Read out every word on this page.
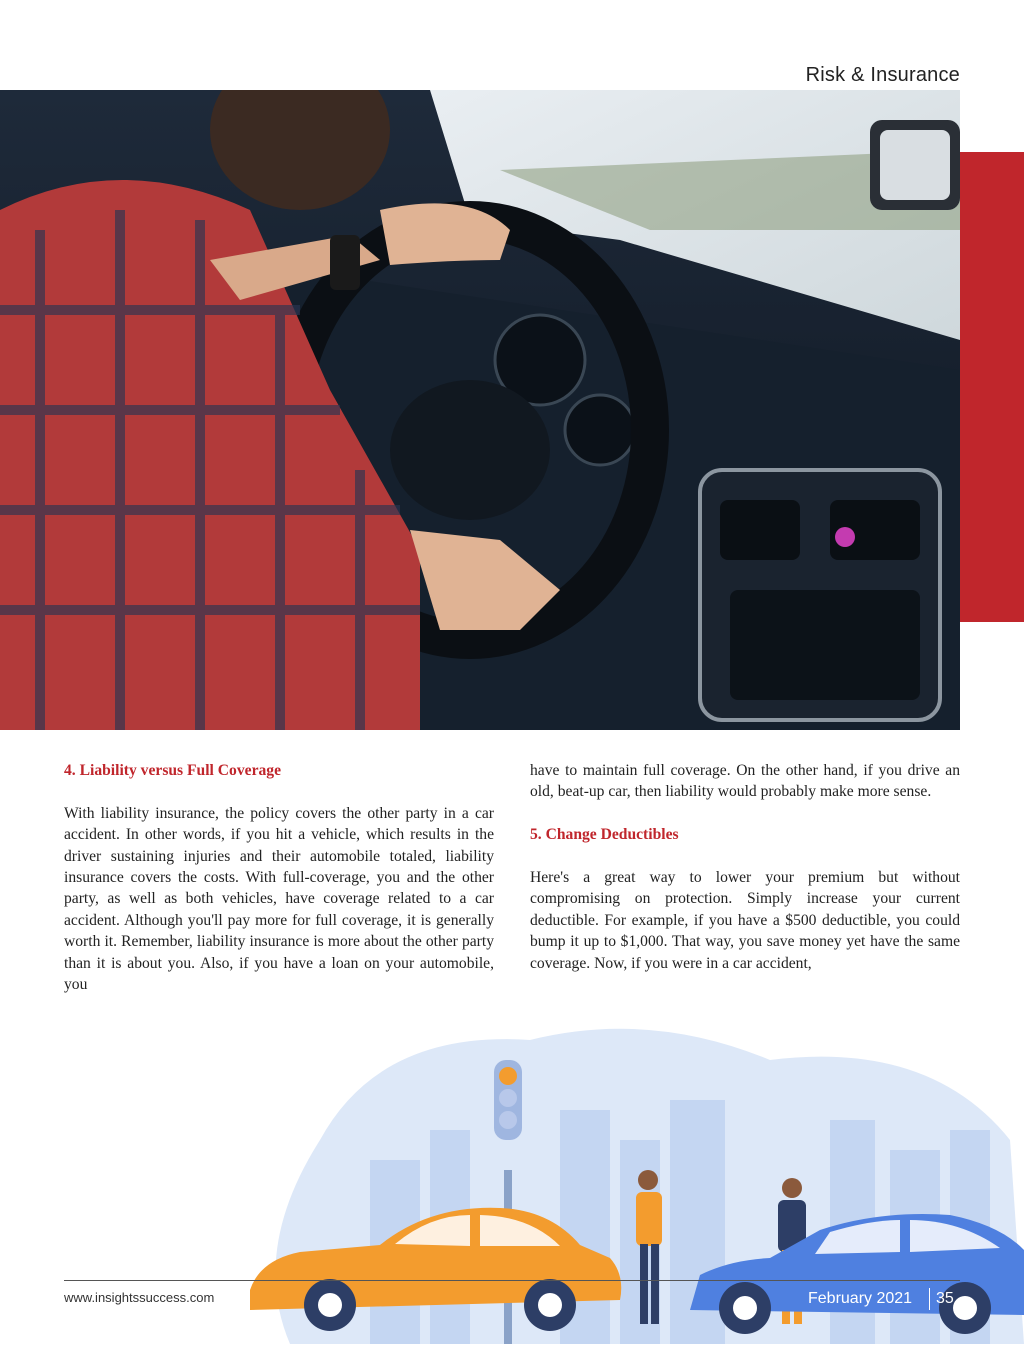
Risk & Insurance

4. Liability versus Full Coverage

With liability insurance, the policy covers the other party in a car accident. In other words, if you hit a vehicle, which results in the driver sustaining injuries and their automobile totaled, liability insurance covers the costs. With full-coverage, you and the other party, as well as both vehicles, have coverage related to a car accident. Although you'll pay more for full coverage, it is generally worth it. Remember, liability insurance is more about the other party than it is about you. Also, if you have a loan on your automobile, you

have to maintain full coverage. On the other hand, if you drive an old, beat-up car, then liability would probably make more sense.

5. Change Deductibles

Here's a great way to lower your premium but without compromising on protection. Simply increase your current deductible. For example, if you have a $500 deductible, you could bump it up to $1,000. That way, you save money yet have the same coverage. Now, if you were in a car accident,

www.insightssuccess.com	February 2021 35
